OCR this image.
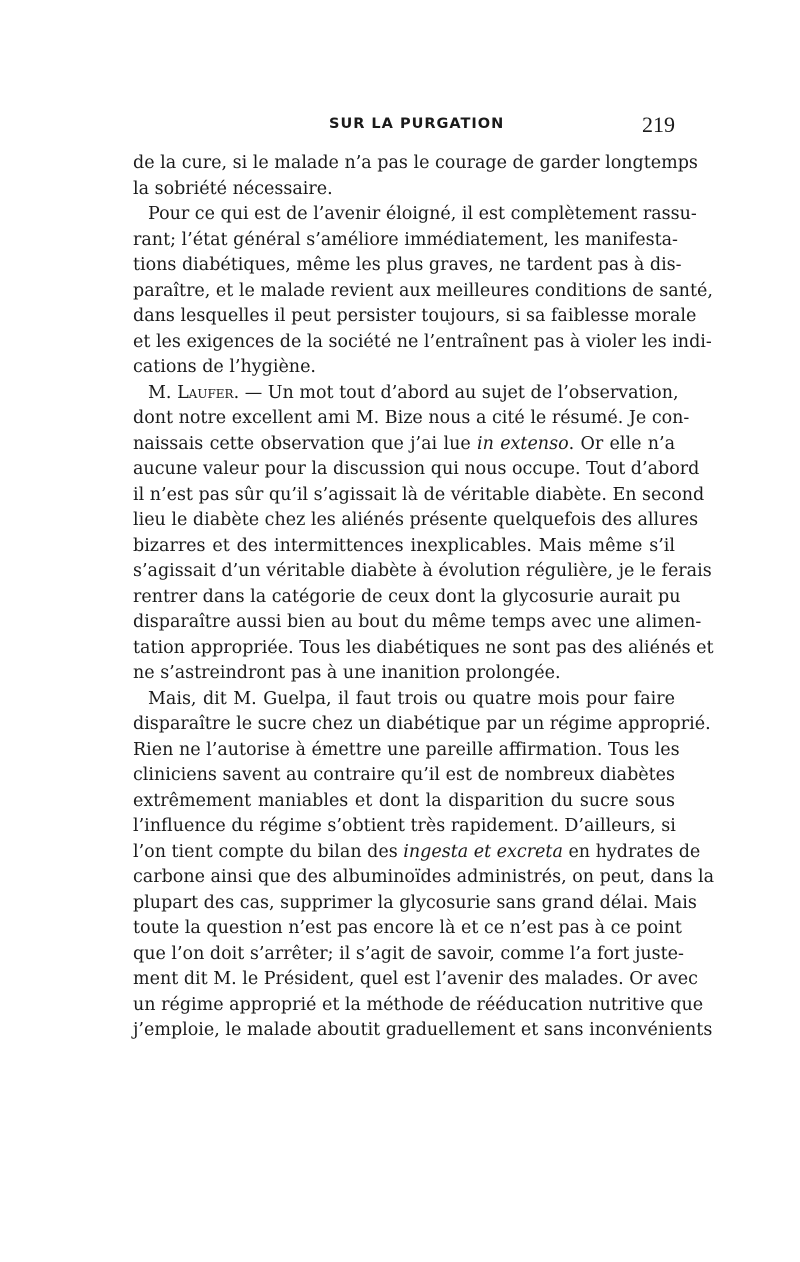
SUR LA PURGATION	219
de la cure, si le malade n’a pas le courage de garder longtemps
la sobriété nécessaire.
Pour ce qui est de l’avenir éloigné, il est complètement rassu-
rant; l’état général s’améliore immédiatement, les manifesta-
tions diabétiques, même les plus graves, ne tardent pas à dis-
paraître, et le malade revient aux meilleures conditions de santé,
dans lesquelles il peut persister toujours, si sa faiblesse morale
et les exigences de la société ne l’entraînent pas à violer les indi-
cations de l’hygiène.
M. Laufer. — Un mot tout d’abord au sujet de l’observation,
dont notre excellent ami M. Bize nous a cité le résumé. Je con-
naissais cette observation que j’ai lue in extenso. Or elle n’a
aucune valeur pour la discussion qui nous occupe. Tout d’abord
il n’est pas sûr qu’il s’agissait là de véritable diabète. En second
lieu le diabète chez les aliénés présente quelquefois des allures
bizarres et des intermittences inexplicables. Mais même s’il
s’agissait d’un véritable diabète à évolution régulière, je le ferais
rentrer dans la catégorie de ceux dont la glycosurie aurait pu
disparaître aussi bien au bout du même temps avec une alimen-
tation appropriée. Tous les diabétiques ne sont pas des aliénés et
ne s’astreindront pas à une inanition prolongée.
Mais, dit M. Guelpa, il faut trois ou quatre mois pour faire
disparaître le sucre chez un diabétique par un régime approprié.
Rien ne l’autorise à émettre une pareille affirmation. Tous les
cliniciens savent au contraire qu’il est de nombreux diabètes
extrêmement maniables et dont la disparition du sucre sous
l’influence du régime s’obtient très rapidement. D’ailleurs, si
l’on tient compte du bilan des ingesta et excreta en hydrates de
carbone ainsi que des albuminoïdes administrés, on peut, dans la
plupart des cas, supprimer la glycosurie sans grand délai. Mais
toute la question n’est pas encore là et ce n’est pas à ce point
que l’on doit s’arrêter; il s’agit de savoir, comme l’a fort juste-
ment dit M. le Président, quel est l’avenir des malades. Or avec
un régime approprié et la méthode de rééducation nutritive que
j’emploie, le malade aboutit graduellement et sans inconvénients
